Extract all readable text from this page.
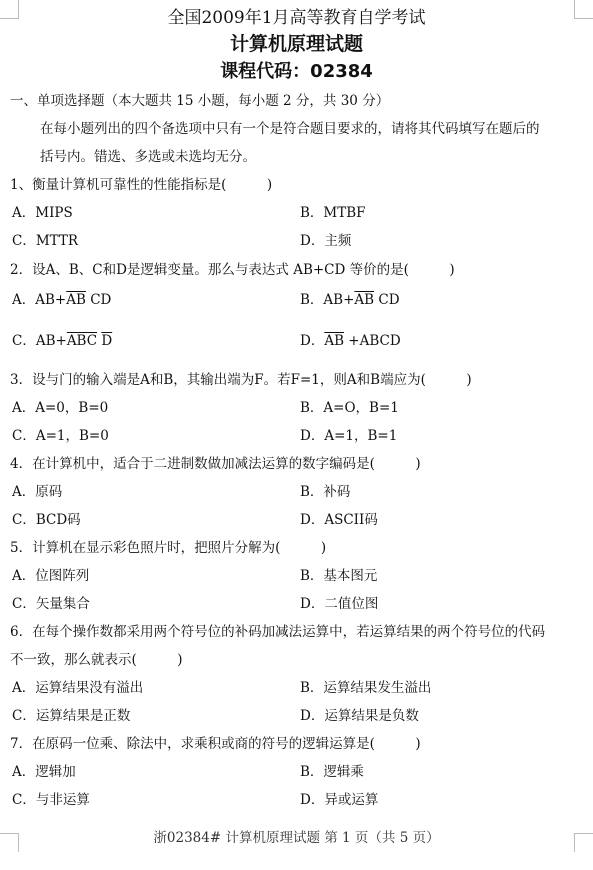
全国2009年1月高等教育自学考试
计算机原理试题
课程代码：02384
一、单项选择题（本大题共 15 小题，每小题 2 分，共 30 分）
在每小题列出的四个备选项中只有一个是符合题目要求的，请将其代码填写在题后的
括号内。错选、多选或未选均无分。
1、衡量计算机可靠性的性能指标是(　　　)
A．MIPS	B．MTBF
C．MTTR	D．主频
2．设A、B、C和D是逻辑变量。那么与表达式 AB+CD 等价的是(　　　)
A．$AB+\overline{AB}$ CD	B．$AB+\overline{AB}$ CD
C．$AB+\overline{ABC}$ $\overline{D}$	D．$\overline{AB}$ +ABCD
3．设与门的输入端是A和B，其输出端为F。若F=1，则A和B端应为(　　　)
A．A=0，B=0	B．A=O，B=1
C．A=1，B=0	D．A=1，B=1
4．在计算机中，适合于二进制数做加减法运算的数字编码是(　　　)
A．原码	B．补码
C．BCD码	D．ASCII码
5．计算机在显示彩色照片时，把照片分解为(　　　)
A．位图阵列	B．基本图元
C．矢量集合	D．二值位图
6．在每个操作数都采用两个符号位的补码加减法运算中，若运算结果的两个符号位的代码
不一致，那么就表示(　　　)
A．运算结果没有溢出	B．运算结果发生溢出
C．运算结果是正数	D．运算结果是负数
7．在原码一位乘、除法中，求乘积或商的符号的逻辑运算是(　　　)
A．逻辑加	B．逻辑乘
C．与非运算	D．异或运算
浙02384# 计算机原理试题 第 1 页（共 5 页）
